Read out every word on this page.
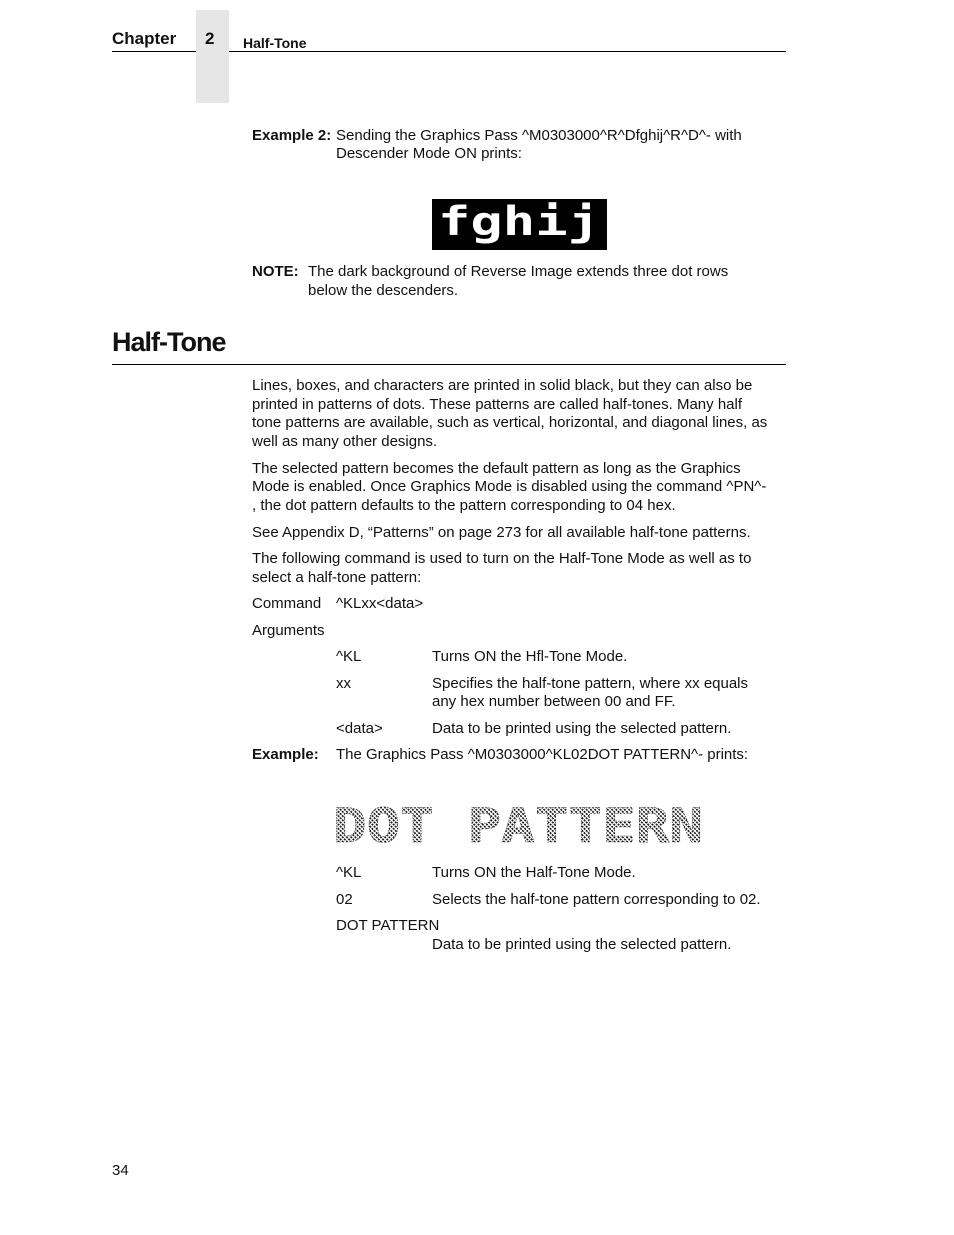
Chapter 2 Half-Tone
Example 2: Sending the Graphics Pass ^M0303000^R^Dfghij^R^D^- with
Descender Mode ON prints:
fghij
NOTE: The dark background of Reverse Image extends three dot rows
below the descenders.
Half-Tone
Lines, boxes, and characters are printed in solid black, but they can also be
printed in patterns of dots. These patterns are called half-tones. Many half
tone patterns are available, such as vertical, horizontal, and diagonal lines, as
well as many other designs.
The selected pattern becomes the default pattern as long as the Graphics
Mode is enabled. Once Graphics Mode is disabled using the command ^PN^-
, the dot pattern defaults to the pattern corresponding to 04 hex.
See Appendix D, “Patterns” on page 273 for all available half-tone patterns.
The following command is used to turn on the Half-Tone Mode as well as to
select a half-tone pattern:
Command ^KLxx<data>
Arguments
^KL	Turns ON the Hfl-Tone Mode.
xx	Specifies the half-tone pattern, where xx equals
any hex number between 00 and FF.
<data>	Data to be printed using the selected pattern.
Example: The Graphics Pass ^M0303000^KL02DOT PATTERN^- prints:
DOT PATTERN
^KL	Turns ON the Half-Tone Mode.
02	Selects the half-tone pattern corresponding to 02.
DOT PATTERN
Data to be printed using the selected pattern.
34
